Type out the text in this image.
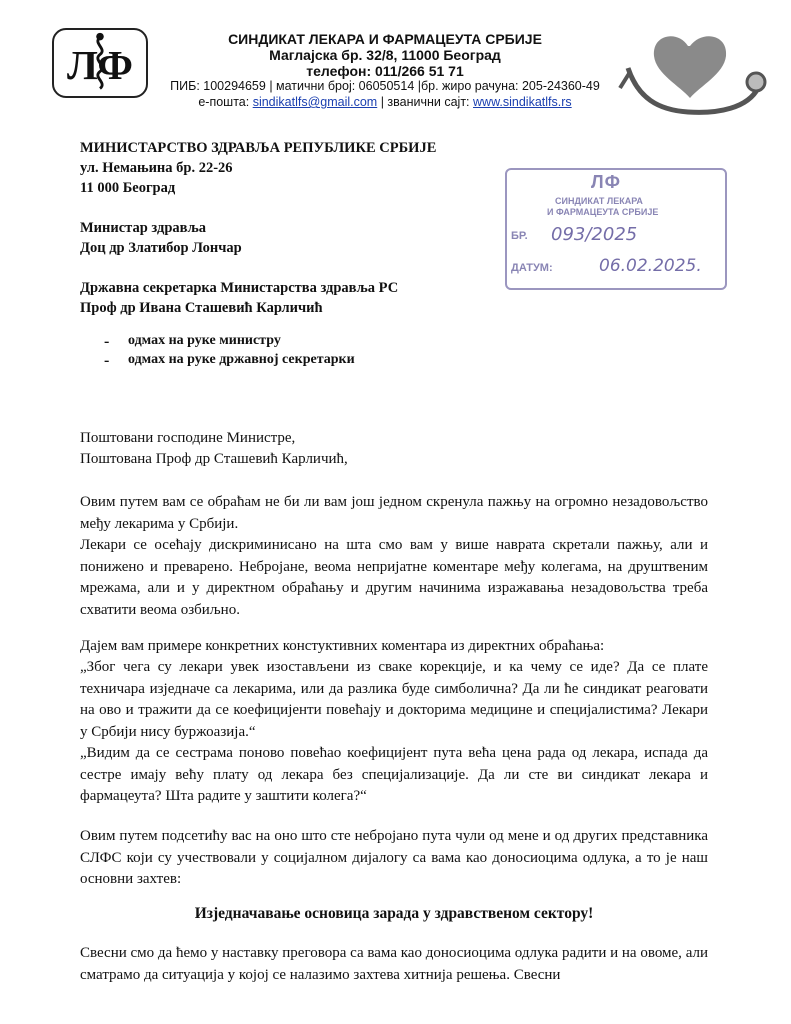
ЛФ
СИНДИКАТ ЛЕКАРА И ФАРМАЦЕУТА СРБИЈЕ
Маглајска бр. 32/8, 11000 Београд
телефон: 011/266 51 71
ПИБ: 100294659 | матични број: 06050514 |бр. жиро рачуна: 205-24360-49
е-пошта: sindikatlfs@gmail.com | званични сајт: www.sindikatlfs.rs
МИНИСТАРСТВО ЗДРАВЉА РЕПУБЛИКЕ СРБИЈЕ
ул. Немањина бр. 22-26
11 000 Београд
Министар здравља
Доц др Златибор Лончар
Државна секретарка Министарства здравља РС
Проф др Ивана Сташевић Карличић
- одмах на руке министру
- одмах на руке државној секретарки
ЛФ
СИНДИКАТ ЛЕКАРА
И ФАРМАЦЕУТА СРБИЈЕ
БР. 093/2025
ДАТУМ:	06.02.2025.
Поштовани господине Министре,
Поштована Проф др Сташевић Карличић,
Овим путем вам се обраћам не би ли вам још једном скренула пажњу на огромно незадовољство међу лекарима у Србији.
Лекари се осећају дискриминисано на шта смо вам у више наврата скретали пажњу, али и понижено и преварено. Небројане, веома непријатне коментаре међу колегама, на друштвеним мрежама, али и у директном обраћању и другим начинима изражавања незадовољства треба схватити веома озбиљно.
Дајем вам примере конкретних констуктивних коментара из директних обраћања:
„Због чега су лекари увек изостављени из сваке корекције, и ка чему се иде? Да се плате техничара изједначе са лекарима, или да разлика буде симболична? Да ли ће синдикат реаговати на ово и тражити да се коефицијенти повећају и докторима медицине и специјалистима? Лекари у Србији нису буржоазија.“
„Видим да се сестрама поново повећао коефицијент пута већа цена рада од лекара, испада да сестре имају већу плату од лекара без специјализације. Да ли сте ви синдикат лекара и фармацеута? Шта радите у заштити колега?“
Овим путем подсетићу вас на оно што сте небројано пута чули од мене и од других представника СЛФС који су учествовали у социјалном дијалогу са вама као доносиоцима одлука, а то је наш основни захтев:
Изједначавање основица зарада у здравственом сектору!
Свесни смо да ћемо у наставку преговора са вама као доносиоцима одлука радити и на овоме, али сматрамо да ситуација у којој се налазимо захтева хитнија решења. Свесни
